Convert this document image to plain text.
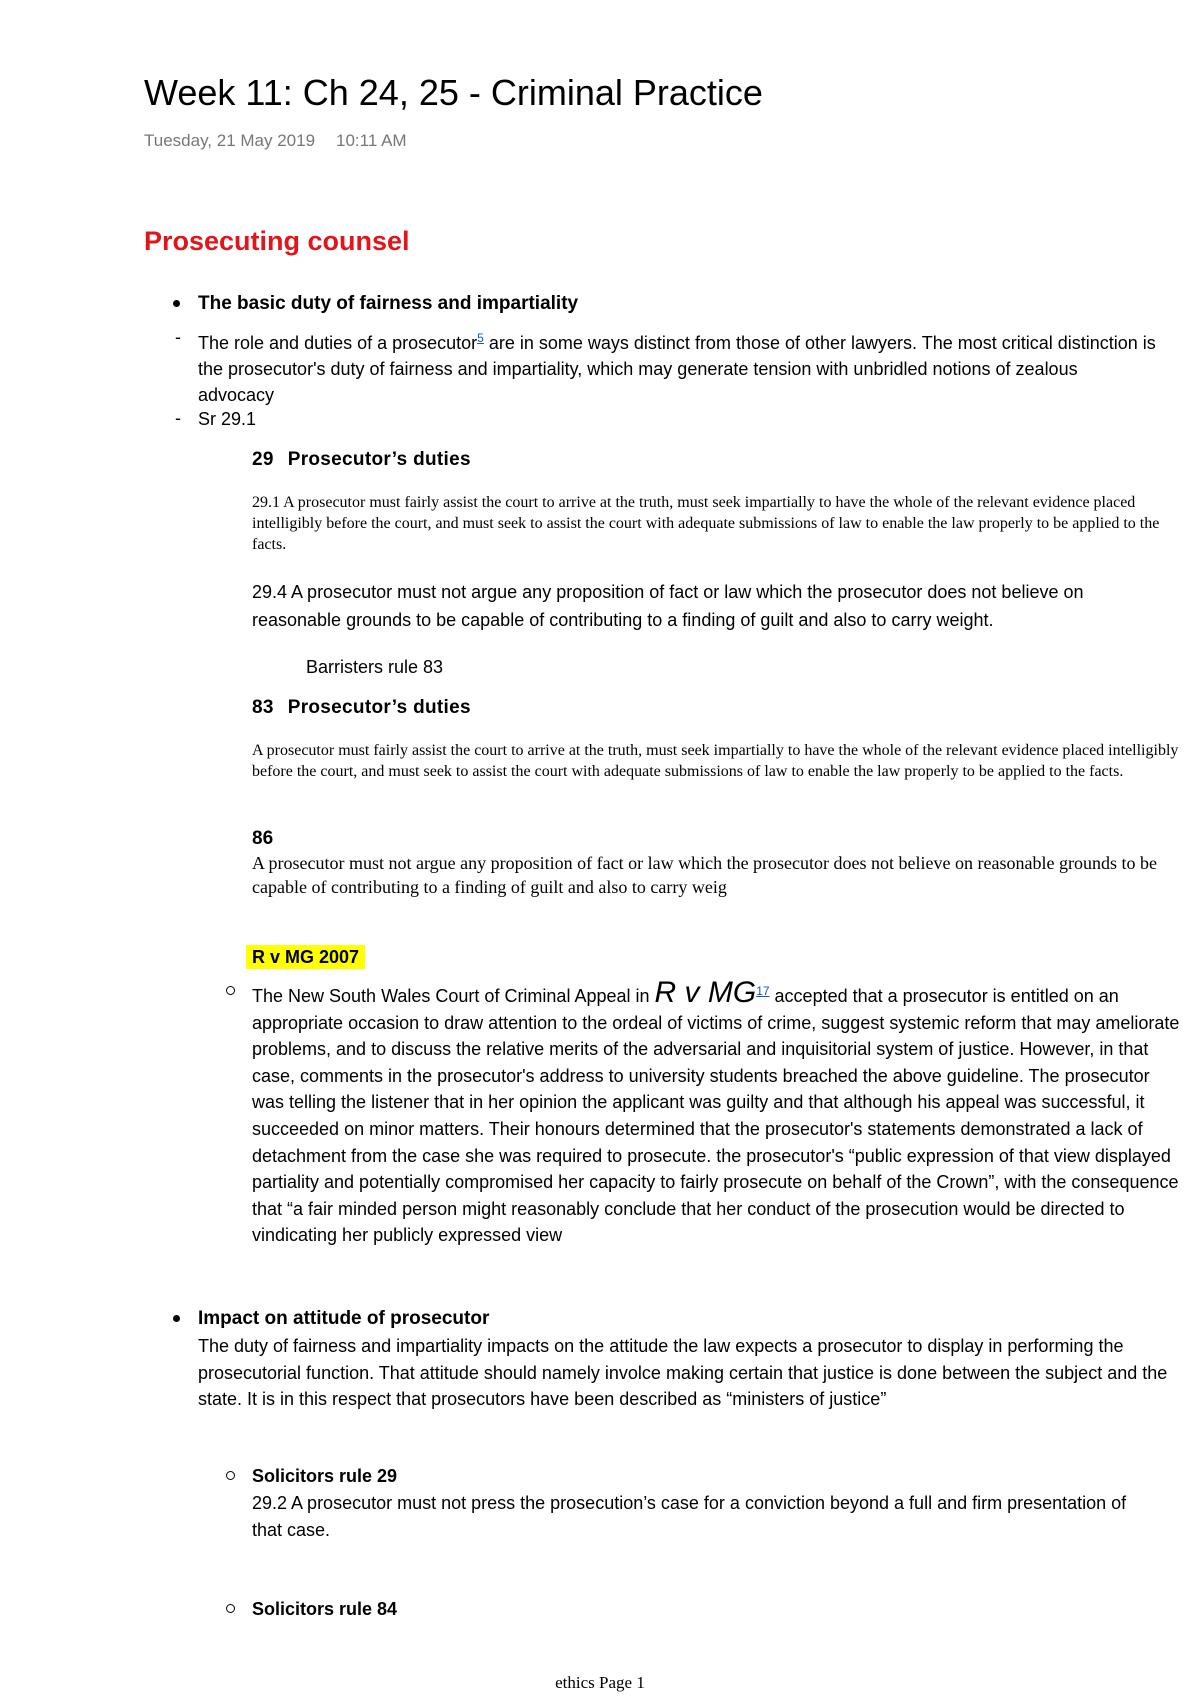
Week 11: Ch 24, 25 - Criminal Practice
Tuesday, 21 May 2019 10:11 AM
Prosecuting counsel
The basic duty of fairness and impartiality
- The role and duties of a prosecutor$^5$ are in some ways distinct from those of other lawyers. The most critical distinction is the prosecutor's duty of fairness and impartiality, which may generate tension with unbridled notions of zealous advocacy

- Sr 29.1
29 Prosecutor’s duties

29.1 A prosecutor must fairly assist the court to arrive at the truth, must seek impartially to have the whole of the relevant evidence placed intelligibly before the court, and must seek to assist the court with adequate submissions of law to enable the law properly to be applied to the facts.

29.4 A prosecutor must not argue any proposition of fact or law which the prosecutor does not believe on reasonable grounds to be capable of contributing to a finding of guilt and also to carry weight.

Barristers rule 83
83 Prosecutor’s duties

A prosecutor must fairly assist the court to arrive at the truth, must seek impartially to have the whole of the relevant evidence placed intelligibly before the court, and must seek to assist the court with adequate submissions of law to enable the law properly to be applied to the facts.

86

A prosecutor must not argue any proposition of fact or law which the prosecutor does not believe on reasonable grounds to be capable of contributing to a finding of guilt and also to carry weig

R v MG 2007

The New South Wales Court of Criminal Appeal in R v MG$^{17}$ accepted that a prosecutor is entitled on an appropriate occasion to draw attention to the ordeal of victims of crime, suggest systemic reform that may ameliorate problems, and to discuss the relative merits of the adversarial and inquisitorial system of justice. However, in that case, comments in the prosecutor's address to university students breached the above guideline. The prosecutor was telling the listener that in her opinion the applicant was guilty and that although his appeal was successful, it succeeded on minor matters. Their honours determined that the prosecutor's statements demonstrated a lack of detachment from the case she was required to prosecute. the prosecutor's “public expression of that view displayed partiality and potentially compromised her capacity to fairly prosecute on behalf of the Crown”, with the consequence that “a fair minded person might reasonably conclude that her conduct of the prosecution would be directed to vindicating her publicly expressed view

Impact on attitude of prosecutor

The duty of fairness and impartiality impacts on the attitude the law expects a prosecutor to display in performing the prosecutorial function. That attitude should namely involce making certain that justice is done between the subject and the state. It is in this respect that prosecutors have been described as “ministers of justice”

Solicitors rule 29

29.2 A prosecutor must not press the prosecution’s case for a conviction beyond a full and firm presentation of that case.

Solicitors rule 84
ethics Page 1
